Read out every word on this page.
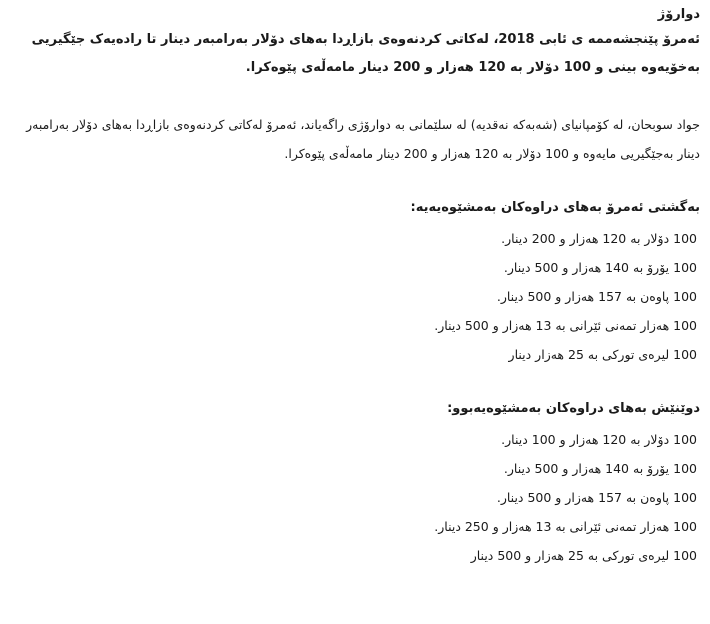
دوارۆژ
ئەمرۆ پێنجشەممە ی ئابی 2018، لەکاتی کردنەوەی بازاڕدا بەهای دۆلار بەرامبەر دینار تا رادەیەک جێگیریی بەخۆیەوە بینی و 100 دۆلار بە 120 هەزار و 200 دینار مامەڵەی پێوەکرا.

جواد سوبحان، لە کۆمپانیای (شەبەکە نەقدیە) لە سلێمانی بە دوارۆژی راگەیاند، ئەمرۆ لەکاتی کردنەوەی بازاڕدا بەهای دۆلار بەرامبەر دینار بەجێگیریی مایەوە و 100 دۆلار بە 120 هەزار و 200 دینار مامەڵەی پێوەکرا.

بەگشتی ئەمرۆ بەهای دراوەکان بەمشێوەیەیە:
100 دۆلار بە 120 هەزار و 200 دینار.
100 یۆرۆ بە 140 هەزار و 500 دینار.
100 پاوەن بە 157 هەزار و 500 دینار.
100 هەزار تمەنی ئێرانی بە 13 هەزار و 500 دینار.
100 لیرەی تورکی بە 25 هەزار دینار
دوێنێش بەهای دراوەکان بەمشێوەیەبوو:
100 دۆلار بە 120 هەزار و 100 دینار.
100 یۆرۆ بە 140 هەزار و 500 دینار.
100 پاوەن بە 157 هەزار و 500 دینار.
100 هەزار تمەنی ئێرانی بە 13 هەزار و 250 دینار.
100 لیرەی تورکی بە 25 هەزار و 500 دینار
